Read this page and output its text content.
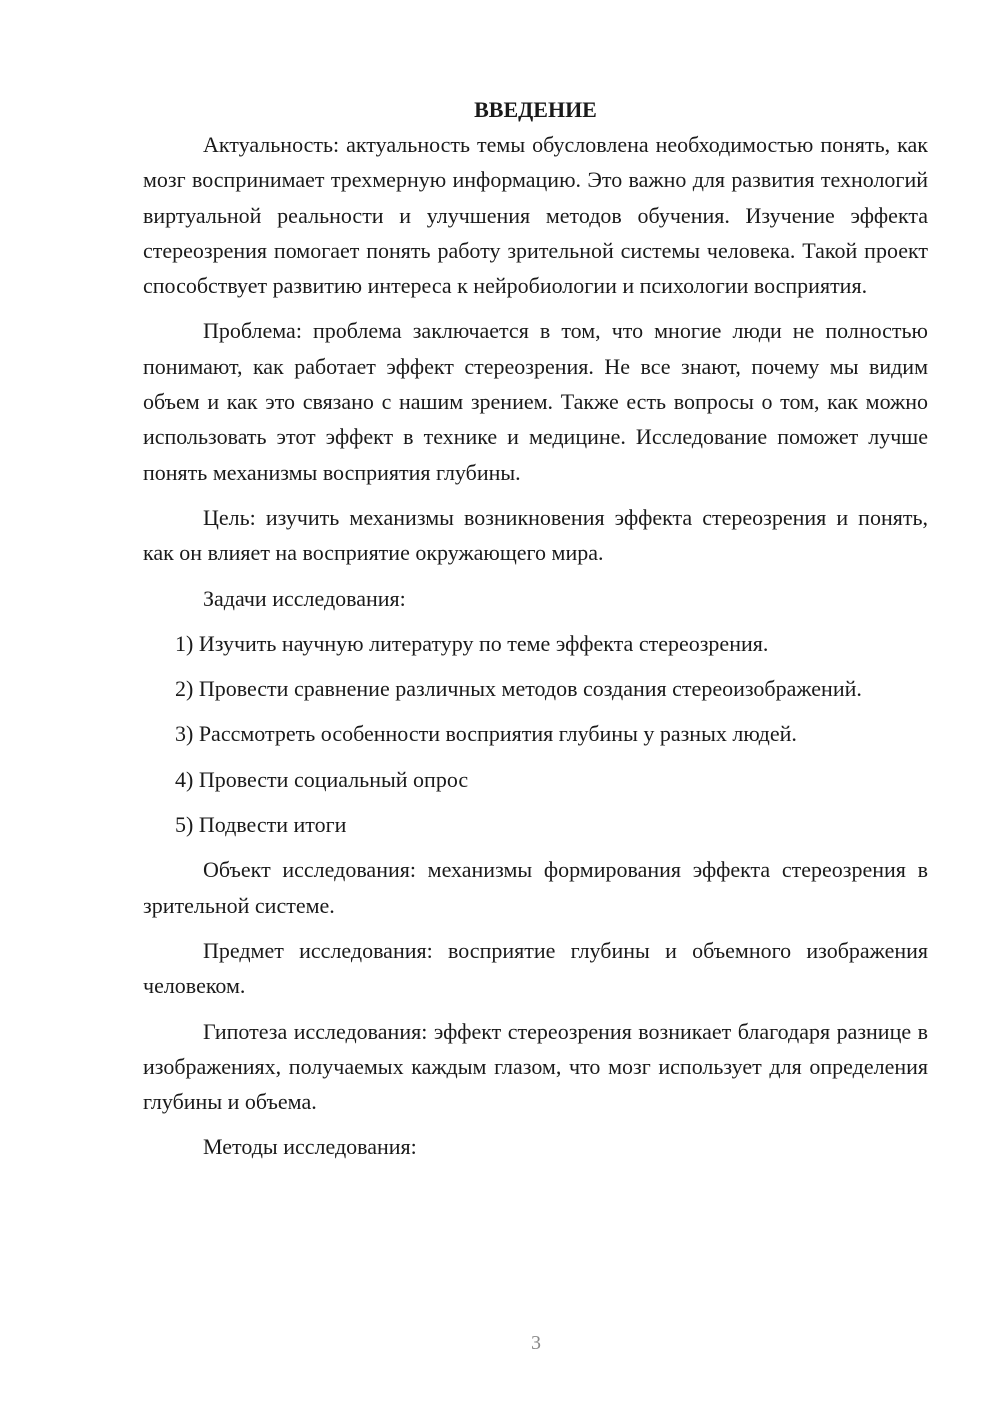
ВВЕДЕНИЕ

Актуальность: актуальность темы обусловлена необходимостью понять, как мозг воспринимает трехмерную информацию. Это важно для развития технологий виртуальной реальности и улучшения методов обучения. Изучение эффекта стереозрения помогает понять работу зрительной системы человека. Такой проект способствует развитию интереса к нейробиологии и психологии восприятия.

Проблема: проблема заключается в том, что многие люди не полностью понимают, как работает эффект стереозрения. Не все знают, почему мы видим объем и как это связано с нашим зрением. Также есть вопросы о том, как можно использовать этот эффект в технике и медицине. Исследование поможет лучше понять механизмы восприятия глубины.

Цель: изучить механизмы возникновения эффекта стереозрения и понять, как он влияет на восприятие окружающего мира.

Задачи исследования:

1) Изучить научную литературу по теме эффекта стереозрения.

2) Провести сравнение различных методов создания стереоизображений.

3) Рассмотреть особенности восприятия глубины у разных людей.

4) Провести социальный опрос

5) Подвести итоги

Объект исследования: механизмы формирования эффекта стереозрения в зрительной системе.

Предмет исследования: восприятие глубины и объемного изображения человеком.

Гипотеза исследования: эффект стереозрения возникает благодаря разнице в изображениях, получаемых каждым глазом, что мозг использует для определения глубины и объема.

Методы исследования:

3
